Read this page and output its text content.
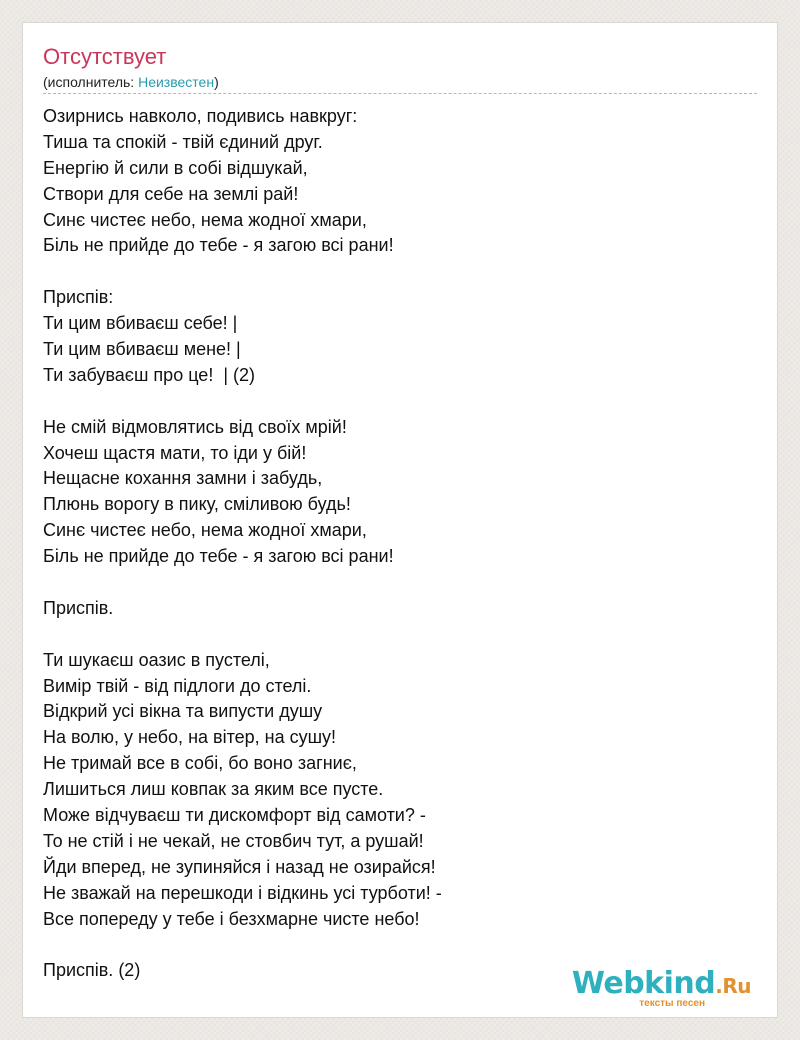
Отсутствует
(исполнитель: Неизвестен)
Озирнись навколо, подивись навкруг:
Тиша та спокій - твій єдиний друг.
Енергію й сили в собі відшукай,
Створи для себе на землі рай!
Синє чистеє небо, нема жодної хмари,
Біль не прийде до тебе - я загою всі рани!
Приспів:
Ти цим вбиваєш себе! |
Ти цим вбиваєш мене! |
Ти забуваєш про це!  | (2)
Не смій відмовлятись від своїх мрій!
Хочеш щастя мати, то іди у бій!
Нещасне кохання замни і забудь,
Плюнь ворогу в пику, сміливою будь!
Синє чистеє небо, нема жодної хмари,
Біль не прийде до тебе - я загою всі рани!
Приспів.
Ти шукаєш оазис в пустелі,
Вимір твій - від підлоги до стелі.
Відкрий усі вікна та випусти душу
На волю, у небо, на вітер, на сушу!
Не тримай все в собі, бо воно загниє,
Лишиться лиш ковпак за яким все пусте.
Може відчуваєш ти дискомфорт від самоти? -
То не стій і не чекай, не стовбич тут, а рушай!
Йди вперед, не зупиняйся і назад не озирайся!
Не зважай на перешкоди і відкинь усі турботи! -
Все попереду у тебе і безхмарне чисте небо!
Приспів. (2)	Webkind.Ru
тексты песен
